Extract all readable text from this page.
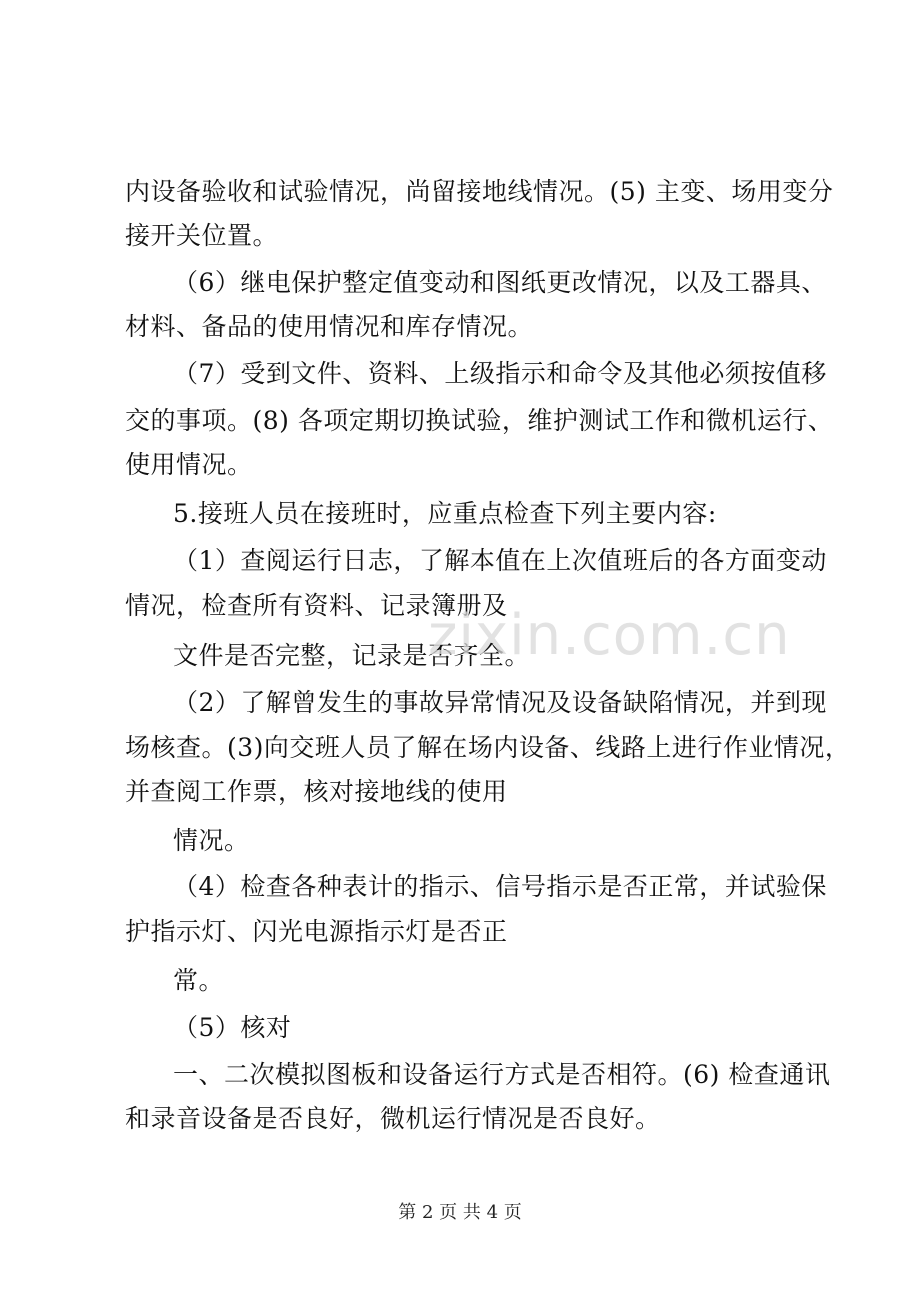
内设备验收和试验情况，尚留接地线情况。(5) 主变、场用变分
接开关位置。
（6）继电保护整定值变动和图纸更改情况，以及工器具、
材料、备品的使用情况和库存情况。
（7）受到文件、资料、上级指示和命令及其他必须按值移
交的事项。(8) 各项定期切换试验，维护测试工作和微机运行、
使用情况。
5.接班人员在接班时，应重点检查下列主要内容:
（1）查阅运行日志，了解本值在上次值班后的各方面变动
情况，检查所有资料、记录簿册及
文件是否完整，记录是否齐全。
（2）了解曾发生的事故异常情况及设备缺陷情况，并到现
场核查。(3)向交班人员了解在场内设备、线路上进行作业情况，
并查阅工作票，核对接地线的使用
情况。
（4）检查各种表计的指示、信号指示是否正常，并试验保
护指示灯、闪光电源指示灯是否正
常。
（5）核对
一、二次模拟图板和设备运行方式是否相符。(6) 检查通讯
和录音设备是否良好，微机运行情况是否良好。
zixin.com.cn
第 2 页 共 4 页
